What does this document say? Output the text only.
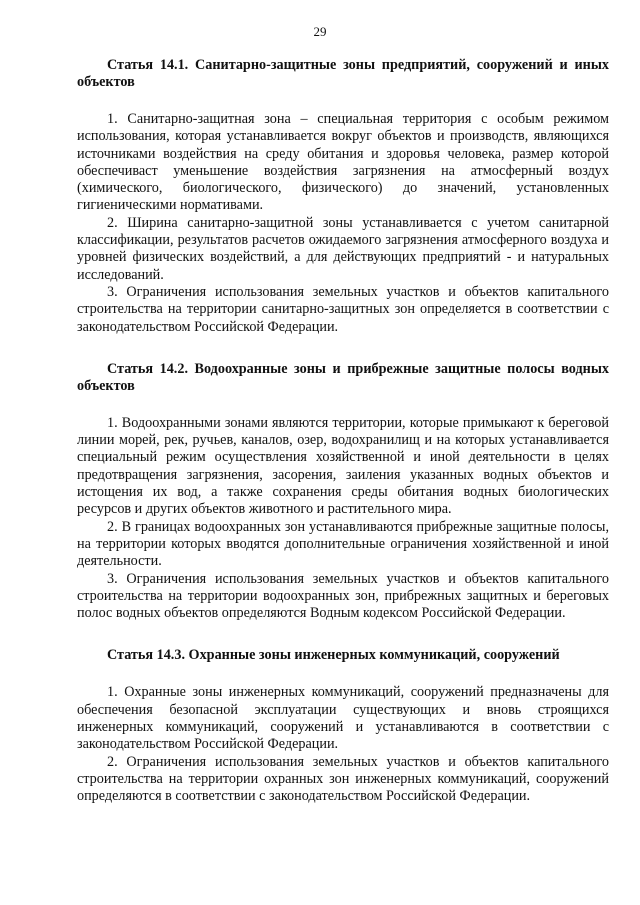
29
Статья 14.1. Санитарно-защитные зоны предприятий, сооружений и иных объектов

1. Санитарно-защитная зона – специальная территория с особым режимом использования, которая устанавливается вокруг объектов и производств, являющихся источниками воздействия на среду обитания и здоровья человека, размер которой обеспечиваст уменьшение воздействия загрязнения на атмосферный воздух (химического, биологического, физического) до значений, установленных гигиеническими нормативами.

2. Ширина санитарно-защитной зоны устанавливается с учетом санитарной классификации, результатов расчетов ожидаемого загрязнения атмосферного воздуха и уровней физических воздействий, а для действующих предприятий - и натуральных исследований.

3. Ограничения использования земельных участков и объектов капитального строительства на территории санитарно-защитных зон определяется в соответствии с законодательством Российской Федерации.

Статья 14.2. Водоохранные зоны и прибрежные защитные полосы водных объектов

1. Водоохранными зонами являются территории, которые примыкают к береговой линии морей, рек, ручьев, каналов, озер, водохранилищ и на которых устанавливается специальный режим осуществления хозяйственной и иной деятельности в целях предотвращения загрязнения, засорения, заиления указанных водных объектов и истощения их вод, а также сохранения среды обитания водных биологических ресурсов и других объектов животного и растительного мира.

2. В границах водоохранных зон устанавливаются прибрежные защитные полосы, на территории которых вводятся дополнительные ограничения хозяйственной и иной деятельности.

3. Ограничения использования земельных участков и объектов капитального строительства на территории водоохранных зон, прибрежных защитных и береговых полос водных объектов определяются Водным кодексом Российской Федерации.

Статья 14.3. Охранные зоны инженерных коммуникаций, сооружений

1. Охранные зоны инженерных коммуникаций, сооружений предназначены для обеспечения безопасной эксплуатации существующих и вновь строящихся инженерных коммуникаций, сооружений и устанавливаются в соответствии с законодательством Российской Федерации.

2. Ограничения использования земельных участков и объектов капитального строительства на территории охранных зон инженерных коммуникаций, сооружений определяются в соответствии с законодательством Российской Федерации.
